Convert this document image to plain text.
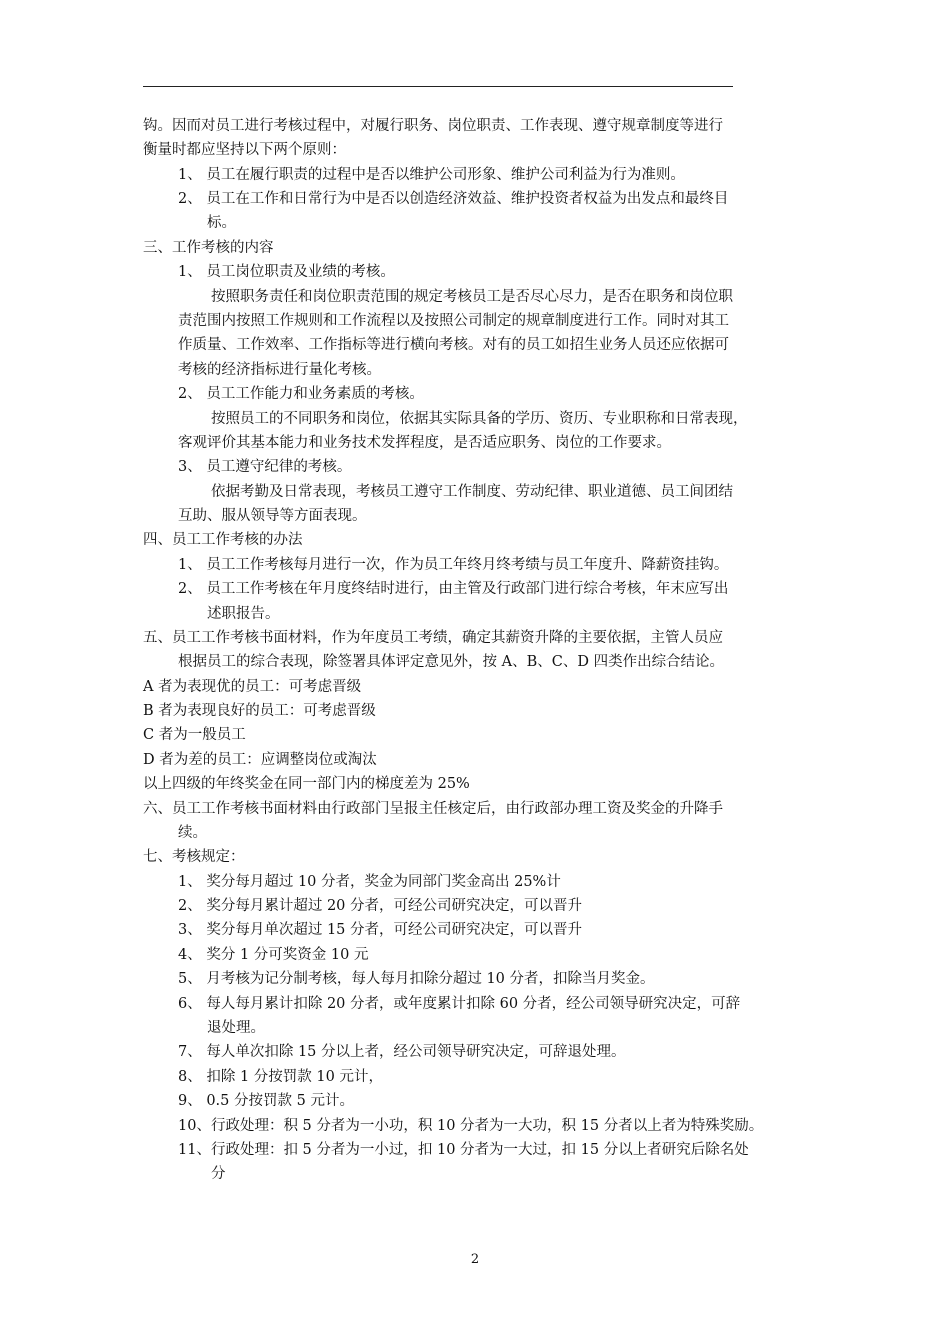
钩。因而对员工进行考核过程中，对履行职务、岗位职责、工作表现、遵守规章制度等进行
衡量时都应坚持以下两个原则：
1、 员工在履行职责的过程中是否以维护公司形象、维护公司利益为行为准则。
2、 员工在工作和日常行为中是否以创造经济效益、维护投资者权益为出发点和最终目
标。
三、工作考核的内容
1、 员工岗位职责及业绩的考核。
按照职务责任和岗位职责范围的规定考核员工是否尽心尽力，是否在职务和岗位职
责范围内按照工作规则和工作流程以及按照公司制定的规章制度进行工作。同时对其工
作质量、工作效率、工作指标等进行横向考核。对有的员工如招生业务人员还应依据可
考核的经济指标进行量化考核。
2、 员工工作能力和业务素质的考核。
按照员工的不同职务和岗位，依据其实际具备的学历、资历、专业职称和日常表现，
客观评价其基本能力和业务技术发挥程度，是否适应职务、岗位的工作要求。
3、 员工遵守纪律的考核。
依据考勤及日常表现，考核员工遵守工作制度、劳动纪律、职业道德、员工间团结
互助、服从领导等方面表现。
四、员工工作考核的办法
1、 员工工作考核每月进行一次，作为员工年终月终考绩与员工年度升、降薪资挂钩。
2、 员工工作考核在年月度终结时进行，由主管及行政部门进行综合考核，年末应写出
述职报告。
五、员工工作考核书面材料，作为年度员工考绩，确定其薪资升降的主要依据，主管人员应
根据员工的综合表现，除签署具体评定意见外，按 A、B、C、D 四类作出综合结论。
A 者为表现优的员工：可考虑晋级
B 者为表现良好的员工：可考虑晋级
C 者为一般员工
D 者为差的员工：应调整岗位或淘汰
以上四级的年终奖金在同一部门内的梯度差为 25%
六、员工工作考核书面材料由行政部门呈报主任核定后，由行政部办理工资及奖金的升降手
续。
七、考核规定：
1、 奖分每月超过 10 分者，奖金为同部门奖金高出 25%计
2、 奖分每月累计超过 20 分者，可经公司研究决定，可以晋升
3、 奖分每月单次超过 15 分者，可经公司研究决定，可以晋升
4、 奖分 1 分可奖资金 10 元
5、 月考核为记分制考核，每人每月扣除分超过 10 分者，扣除当月奖金。
6、 每人每月累计扣除 20 分者，或年度累计扣除 60 分者，经公司领导研究决定，可辞
退处理。
7、 每人单次扣除 15 分以上者，经公司领导研究决定，可辞退处理。
8、 扣除 1 分按罚款 10 元计，
9、 0.5 分按罚款 5 元计。
10、行政处理：积 5 分者为一小功，积 10 分者为一大功，积 15 分者以上者为特殊奖励。
11、行政处理：扣 5 分者为一小过，扣 10 分者为一大过，扣 15 分以上者研究后除名处
分
2
